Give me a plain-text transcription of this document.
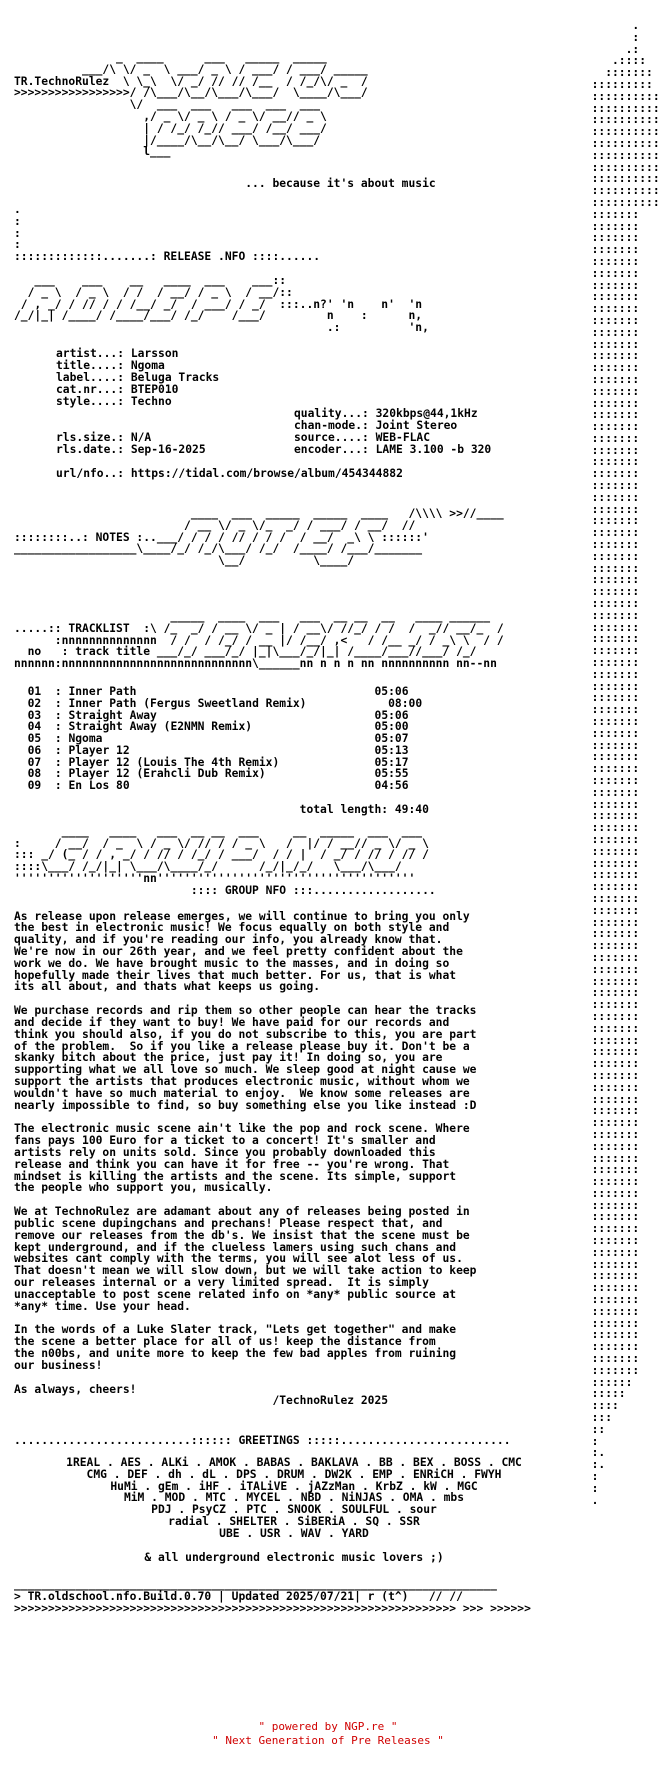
_  ____      ___   _____  _____
___/\ \/ _  \ ___/ _ \ / ___/ / ___/ _____
TR.TechnoRulez  \ \_\  \/ _/ // // /__  / /_/\/ _  /
>>>>>>>>>>>>>>>>>/ /\___/\__/\___/\___/  \____/\___/
\/  ___  ___   ___  ___  ___
,/ _ \/ _ \ / _ \/ __// _ \
| / /_/ /_// ___/ /__/ ___/
|/____/\__/\__/ \___/\___/
l___
... because it's about music
.
:
:
:
:::::::::::::.......: RELEASE .NFO ::::......
___    ___    __   ____  ___    ___::
/ _ \  / _ \  / /  / __/ / _ \  / __/::
/ , _/ / // / / /__/ _/  / ___/ / _/  :::..n?' 'n    n'  'n
/_/|_| /____/ /____/___/ /_/    /___/         n    :      n,
.:          'n,
artist...: Larsson
title....: Ngoma
label....: Beluga Tracks
cat.nr...: BTEP010
style....: Techno
quality...: 320kbps@44,1kHz
chan-mode.: Joint Stereo
source....: WEB-FLAC
encoder...: LAME 3.100 -b 320
rls.size.: N/A
rls.date.: Sep-16-2025
url/nfo..: https://tidal.com/browse/album/454344882
____  ___  _____  _____  ____   /\\\\ >>//____
/ __ \/ _ \/_  _/ / ___/ / __/  //
::::::::..: NOTES :..___/ / / / // / / /  / __/  _\ \ ::::::'
__________________\____/_/ /_/\___/ /_/  /____/ /___/_______
\__/          \____/
_____  ____  ___   ___  __ __  __   ____ ______
.....:: TRACKLIST  :\ /_  _/ / __ \/ _ | / __\/ //_/ / /  /  _// __/_  /
:nnnnnnnnnnnnnn  / /  / /_/ / __ |/ /__/ ,<   / /__ _/ / _\ \  / /
no   : track title ___/_/ ___/_/ |_|\___/_/|_| /____/___//___/ /_/
nnnnnn:nnnnnnnnnnnnnnnnnnnnnnnnnnnn\______nn n n n nn nnnnnnnnnn nn--nn
01  : Inner Path	05:06
02  : Inner Path (Fergus Sweetland Remix)	08:00
03  : Straight Away	05:06
04  : Straight Away (E2NMN Remix)	05:00
05  : Ngoma	05:07
06  : Player 12	05:13
07  : Player 12 (Louis The 4th Remix)	05:17
08  : Player 12 (Erahcli Dub Remix)	05:55
09  : En Los 80	04:56
total length: 49:40
____   ____   ___  __ __  ___     __  _____  ___  ___
:     / __/  / _  \ / _ \/ // / / _ \   /  |/ / __// _ \/ _ \
::: _/ (_ / / , _/ / // / /_/ / ___/  / / |  / _/ / // / // /
::::\___/ /_/|_| \___/\____/_/      /_/|_/_/   \___/\___/
'''''''''''''''''''nn''''''''''''''''''''''''''''''''''''''
:::: GROUP NFO :::..................
As release upon release emerges, we will continue to bring you only
the best in electronic music! We focus equally on both style and
quality, and if you're reading our info, you already know that.
We're now in our 26th year, and we feel pretty confident about the
work we do. We have brought music to the masses, and in doing so
hopefully made their lives that much better. For us, that is what
its all about, and thats what keeps us going.
We purchase records and rip them so other people can hear the tracks
and decide if they want to buy! We have paid for our records and
think you should also, if you do not subscribe to this, you are part
of the problem.  So if you like a release please buy it. Don't be a
skanky bitch about the price, just pay it! In doing so, you are
supporting what we all love so much. We sleep good at night cause we
support the artists that produces electronic music, without whom we
wouldn't have so much material to enjoy.  We know some releases are
nearly impossible to find, so buy something else you like instead :D
The electronic music scene ain't like the pop and rock scene. Where
fans pays 100 Euro for a ticket to a concert! It's smaller and
artists rely on units sold. Since you probably downloaded this
release and think you can have it for free -- you're wrong. That
mindset is killing the artists and the scene. Its simple, support
the people who support you, musically.
We at TechnoRulez are adamant about any of releases being posted in
public scene dupingchans and prechans! Please respect that, and
remove our releases from the db's. We insist that the scene must be
kept underground, and if the clueless lamers using such chans and
websites cant comply with the terms, you will see alot less of us.
That doesn't mean we will slow down, but we will take action to keep
our releases internal or a very limited spread.  It is simply
unacceptable to post scene related info on *any* public source at
*any* time. Use your head.
In the words of a Luke Slater track, "Lets get together" and make
the scene a better place for all of us! keep the distance from
the n00bs, and unite more to keep the few bad apples from ruining
our business!
As always, cheers!
/TechnoRulez 2025
..........................:::::: GREETINGS :::::.........................
1REAL . AES . ALKi . AMOK . BABAS . BAKLAVA . BB . BEX . BOSS . CMC
CMG . DEF . dh . dL . DPS . DRUM . DW2K . EMP . ENRiCH . FWYH
HuMi . gEm . iHF . iTALiVE . jAZzMan . KrbZ . kW . MGC
MiM . MOD . MTC . MYCEL . NBD . NiNJAS . OMA . mbs
PDJ . PsyCZ . PTC . SNOOK . SOULFUL . sour
radial . SHELTER . SiBERiA . SQ . SSR
UBE . USR . WAV . YARD
& all underground electronic music lovers ;)
_______________________________________________________________________
> TR.oldschool.nfo.Build.0.70 | Updated 2025/07/21| r (t^)   // //
>>>>>>>>>>>>>>>>>>>>>>>>>>>>>>>>>>>>>>>>>>>>>>>>>>>>>>>>>>>>>>>>> >>> >>>>>>
.
:
.:
.::::
:::::::
:::::::::
::::::::::
::::::::::
::::::::::
::::::::::
::::::::::
::::::::::
::::::::::
::::::::::
::::::::::
::::::::::
:::::::
:::::::
:::::::
:::::::
:::::::
:::::::
:::::::
:::::::
:::::::
:::::::
:::::::
:::::::
:::::::
:::::::
:::::::
:::::::
:::::::
:::::::
:::::::
:::::::
:::::::
:::::::
:::::::
:::::::
:::::::
:::::::
:::::::
:::::::
:::::::
:::::::
:::::::
:::::::
:::::::
:::::::
:::::::
:::::::
:::::::
:::::::
:::::::
:::::::
:::::::
:::::::
:::::::
:::::::
:::::::
:::::::
:::::::
:::::::
:::::::
:::::::
:::::::
:::::::
:::::::
:::::::
:::::::
:::::::
:::::::
:::::::
:::::::
:::::::
:::::::
:::::::
:::::::
:::::::
:::::::
:::::::
:::::::
:::::::
:::::::
:::::::
:::::::
:::::::
:::::::
:::::::
:::::::
:::::::
:::::::
:::::::
:::::::
:::::::
:::::::
:::::::
:::::::
:::::::
:::::::
:::::::
:::::::
:::::::
:::::::
:::::::
:::::::
:::::::
:::::::
:::::::
:::::::
:::::::
:::::::
:::::::
:::::::
::::::
:::::
::::
:::
::
:
:.
:.
:
:
.
" powered by NGP.re "
" Next Generation of Pre Releases "
